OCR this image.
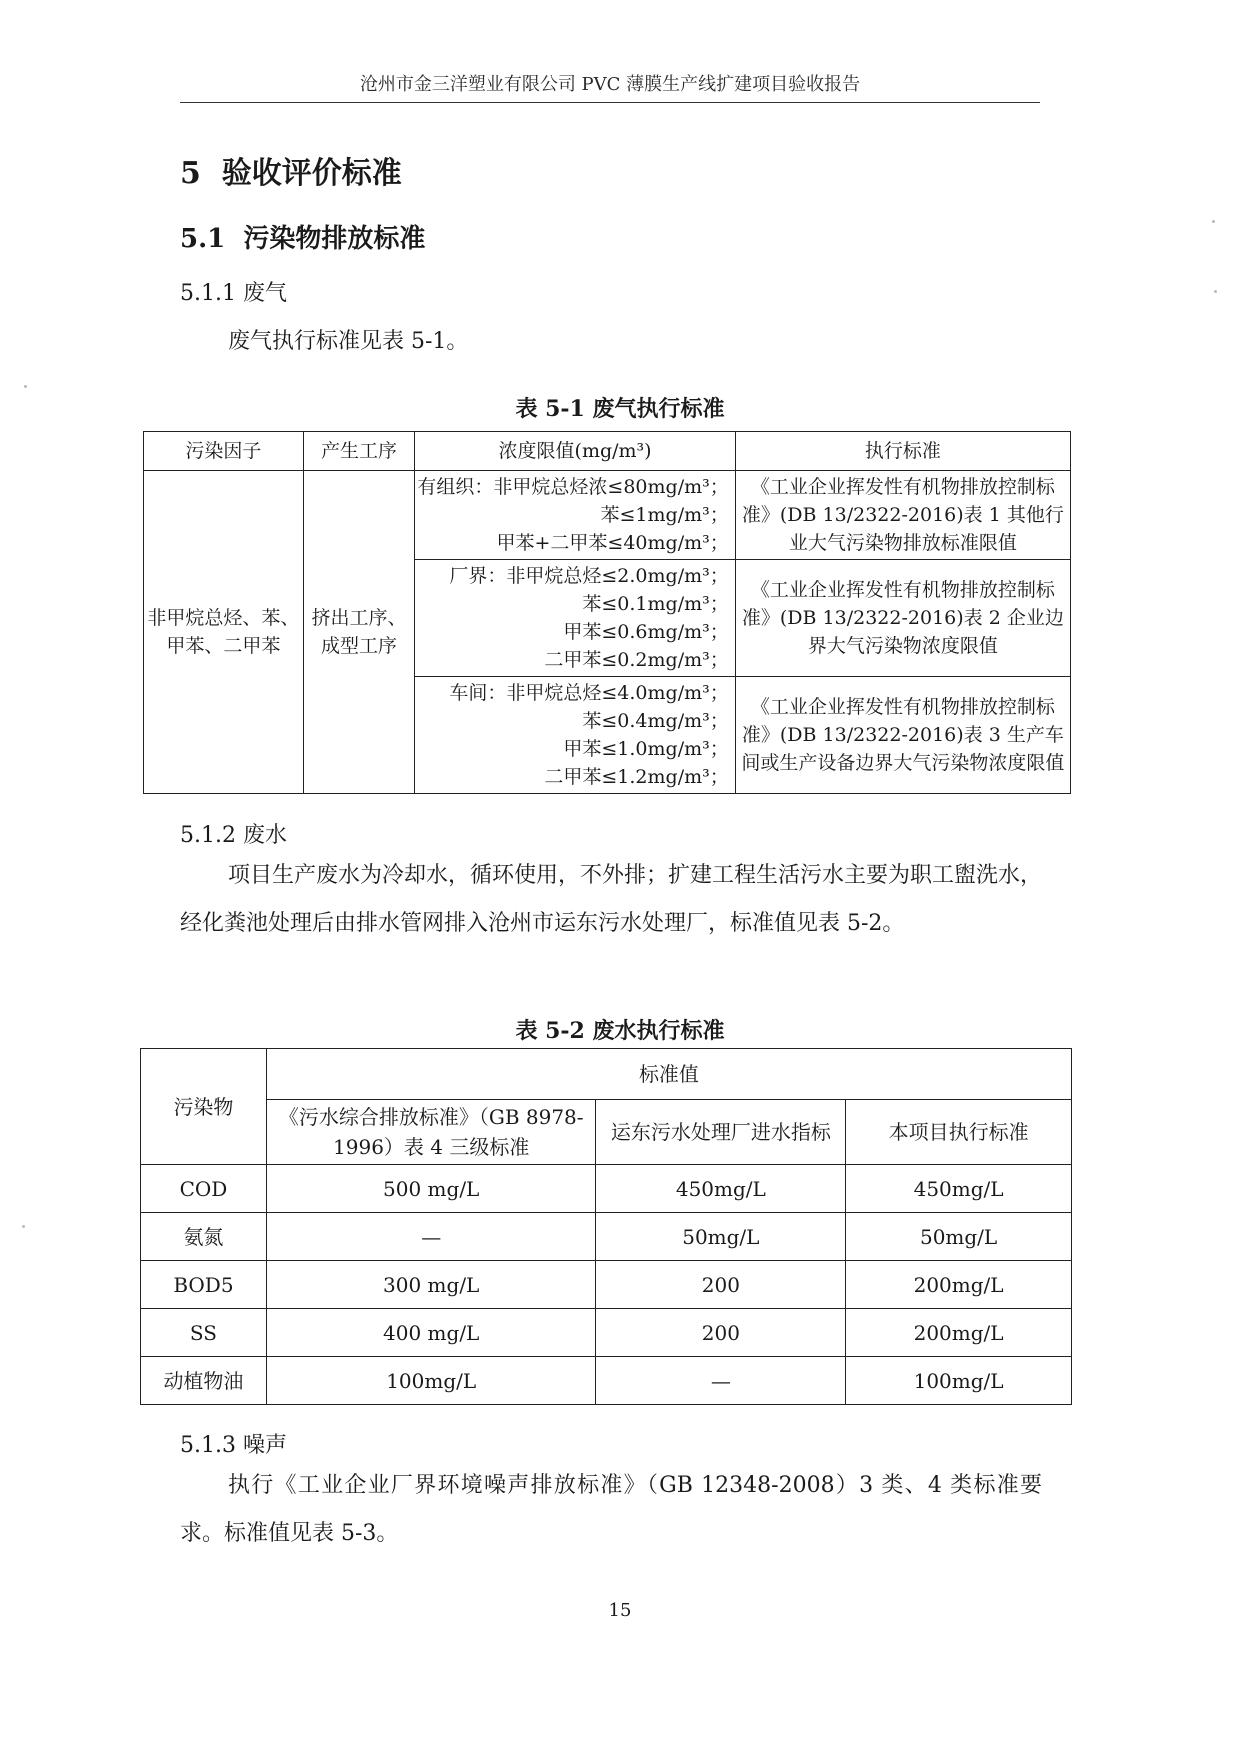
沧州市金三洋塑业有限公司 PVC 薄膜生产线扩建项目验收报告
5 验收评价标准
5.1 污染物排放标准
5.1.1 废气
废气执行标准见表 5-1。
表 5-1 废气执行标准
污染因子	产生工序	浓度限值(mg/m³)	执行标准
非甲烷总烃、苯、甲苯、二甲苯	挤出工序、成型工序	有组织：非甲烷总烃浓≤80mg/m³；
苯≤1mg/m³；
甲苯+二甲苯≤40mg/m³；	《工业企业挥发性有机物排放控制标准》(DB 13/2322-2016)表 1 其他行业大气污染物排放标准限值

		厂界：非甲烷总烃≤2.0mg/m³；
苯≤0.1mg/m³；
甲苯≤0.6mg/m³；
二甲苯≤0.2mg/m³；	《工业企业挥发性有机物排放控制标准》(DB 13/2322-2016)表 2 企业边界大气污染物浓度限值

		车间：非甲烷总烃≤4.0mg/m³；
苯≤0.4mg/m³；
甲苯≤1.0mg/m³；
二甲苯≤1.2mg/m³；	《工业企业挥发性有机物排放控制标准》(DB 13/2322-2016)表 3 生产车间或生产设备边界大气污染物浓度限值
5.1.2 废水
项目生产废水为冷却水，循环使用，不外排；扩建工程生活污水主要为职工盥洗水，经化粪池处理后由排水管网排入沧州市运东污水处理厂，标准值见表 5-2。
表 5-2 废水执行标准
污染物	标准值		
	《污水综合排放标准》（GB 8978-1996）表 4 三级标准	运东污水处理厂进水指标	本项目执行标准
COD	500 mg/L	450mg/L	450mg/L
氨氮	—	50mg/L	50mg/L
BOD5	300 mg/L	200	200mg/L
SS	400 mg/L	200	200mg/L
动植物油	100mg/L	—	100mg/L
5.1.3 噪声
执行《工业企业厂界环境噪声排放标准》（GB 12348-2008）3 类、4 类标准要求。标准值见表 5-3。
15
